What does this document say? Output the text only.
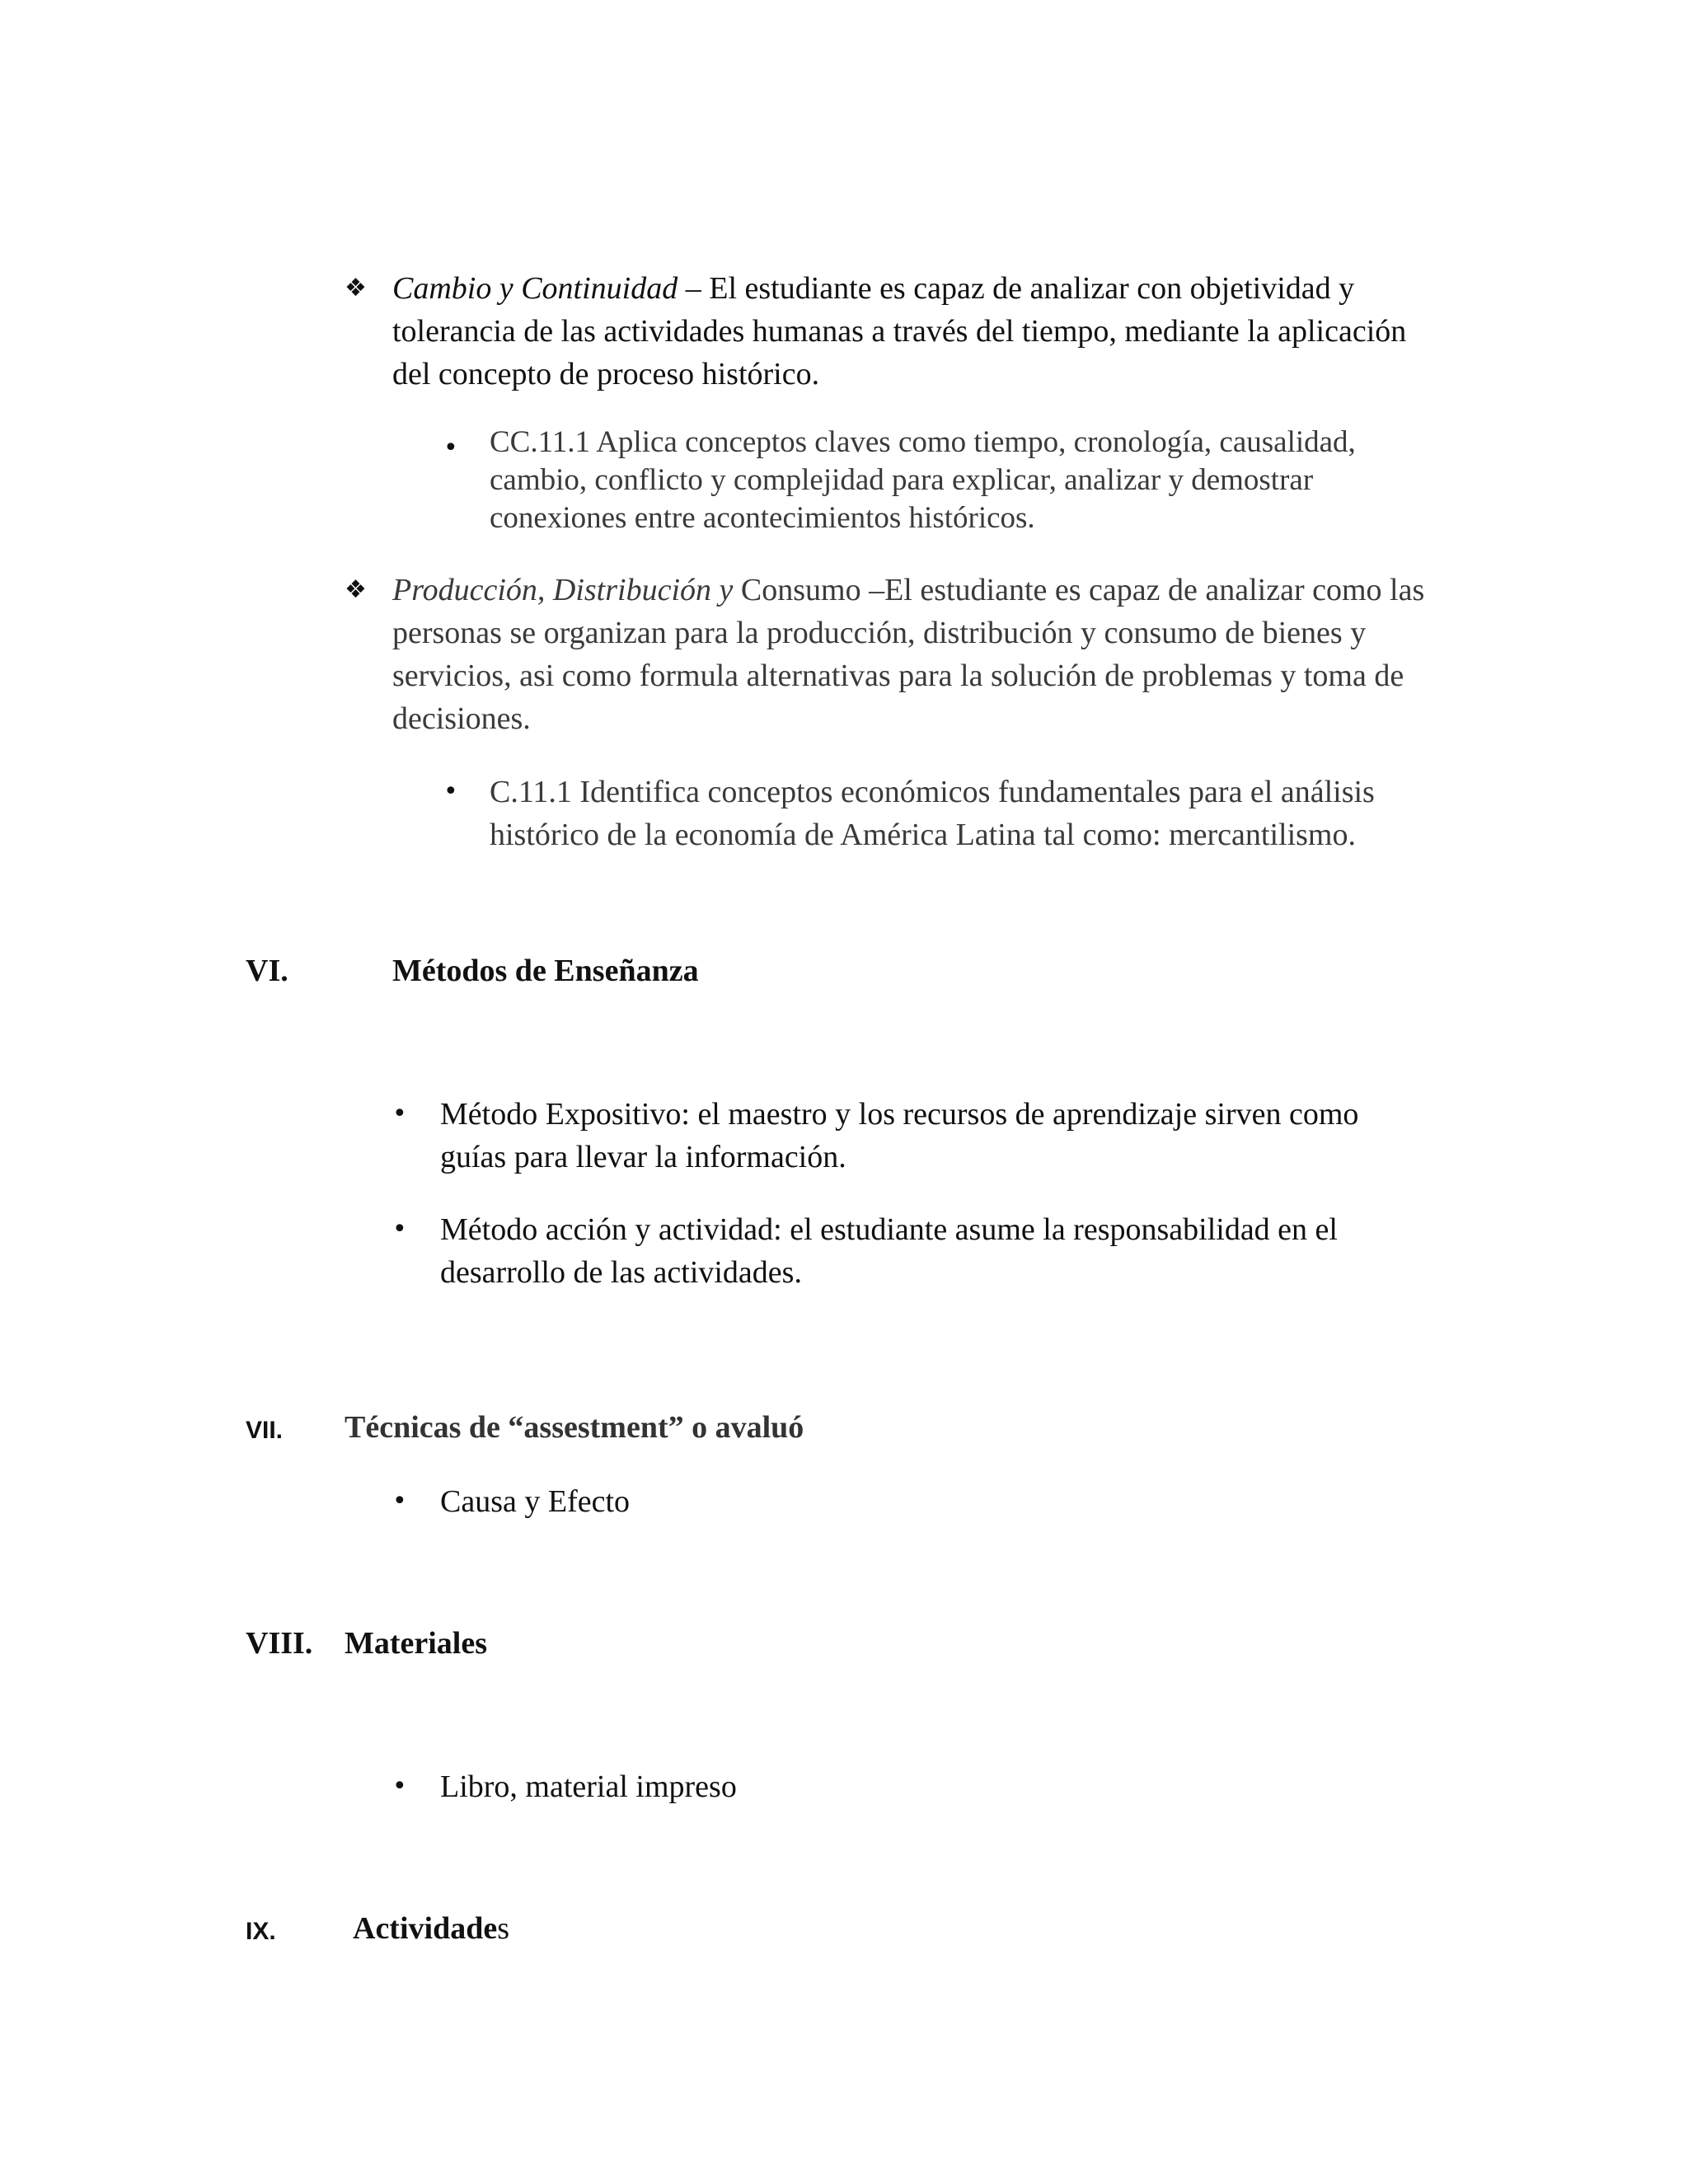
❖ Cambio y Continuidad – El estudiante es capaz de analizar con objetividad y
tolerancia de las actividades humanas a través del tiempo, mediante la aplicación
del concepto de proceso histórico.
• CC.11.1 Aplica conceptos claves como tiempo, cronología, causalidad,
cambio, conflicto y complejidad para explicar, analizar y demostrar
conexiones entre acontecimientos históricos.
❖ Producción, Distribución y Consumo –El estudiante es capaz de analizar como las
personas se organizan para la producción, distribución y consumo de bienes y
servicios, asi como formula alternativas para la solución de problemas y toma de
decisiones.
• C.11.1 Identifica conceptos económicos fundamentales para el análisis
histórico de la economía de América Latina tal como: mercantilismo.
VI.	Métodos de Enseñanza
• Método Expositivo: el maestro y los recursos de aprendizaje sirven como
guías para llevar la información.
• Método acción y actividad: el estudiante asume la responsabilidad en el
desarrollo de las actividades.
VII. Técnicas de “assestment” o avaluó
• Causa y Efecto
VIII. Materiales
• Libro, material impreso
IX. Actividades
